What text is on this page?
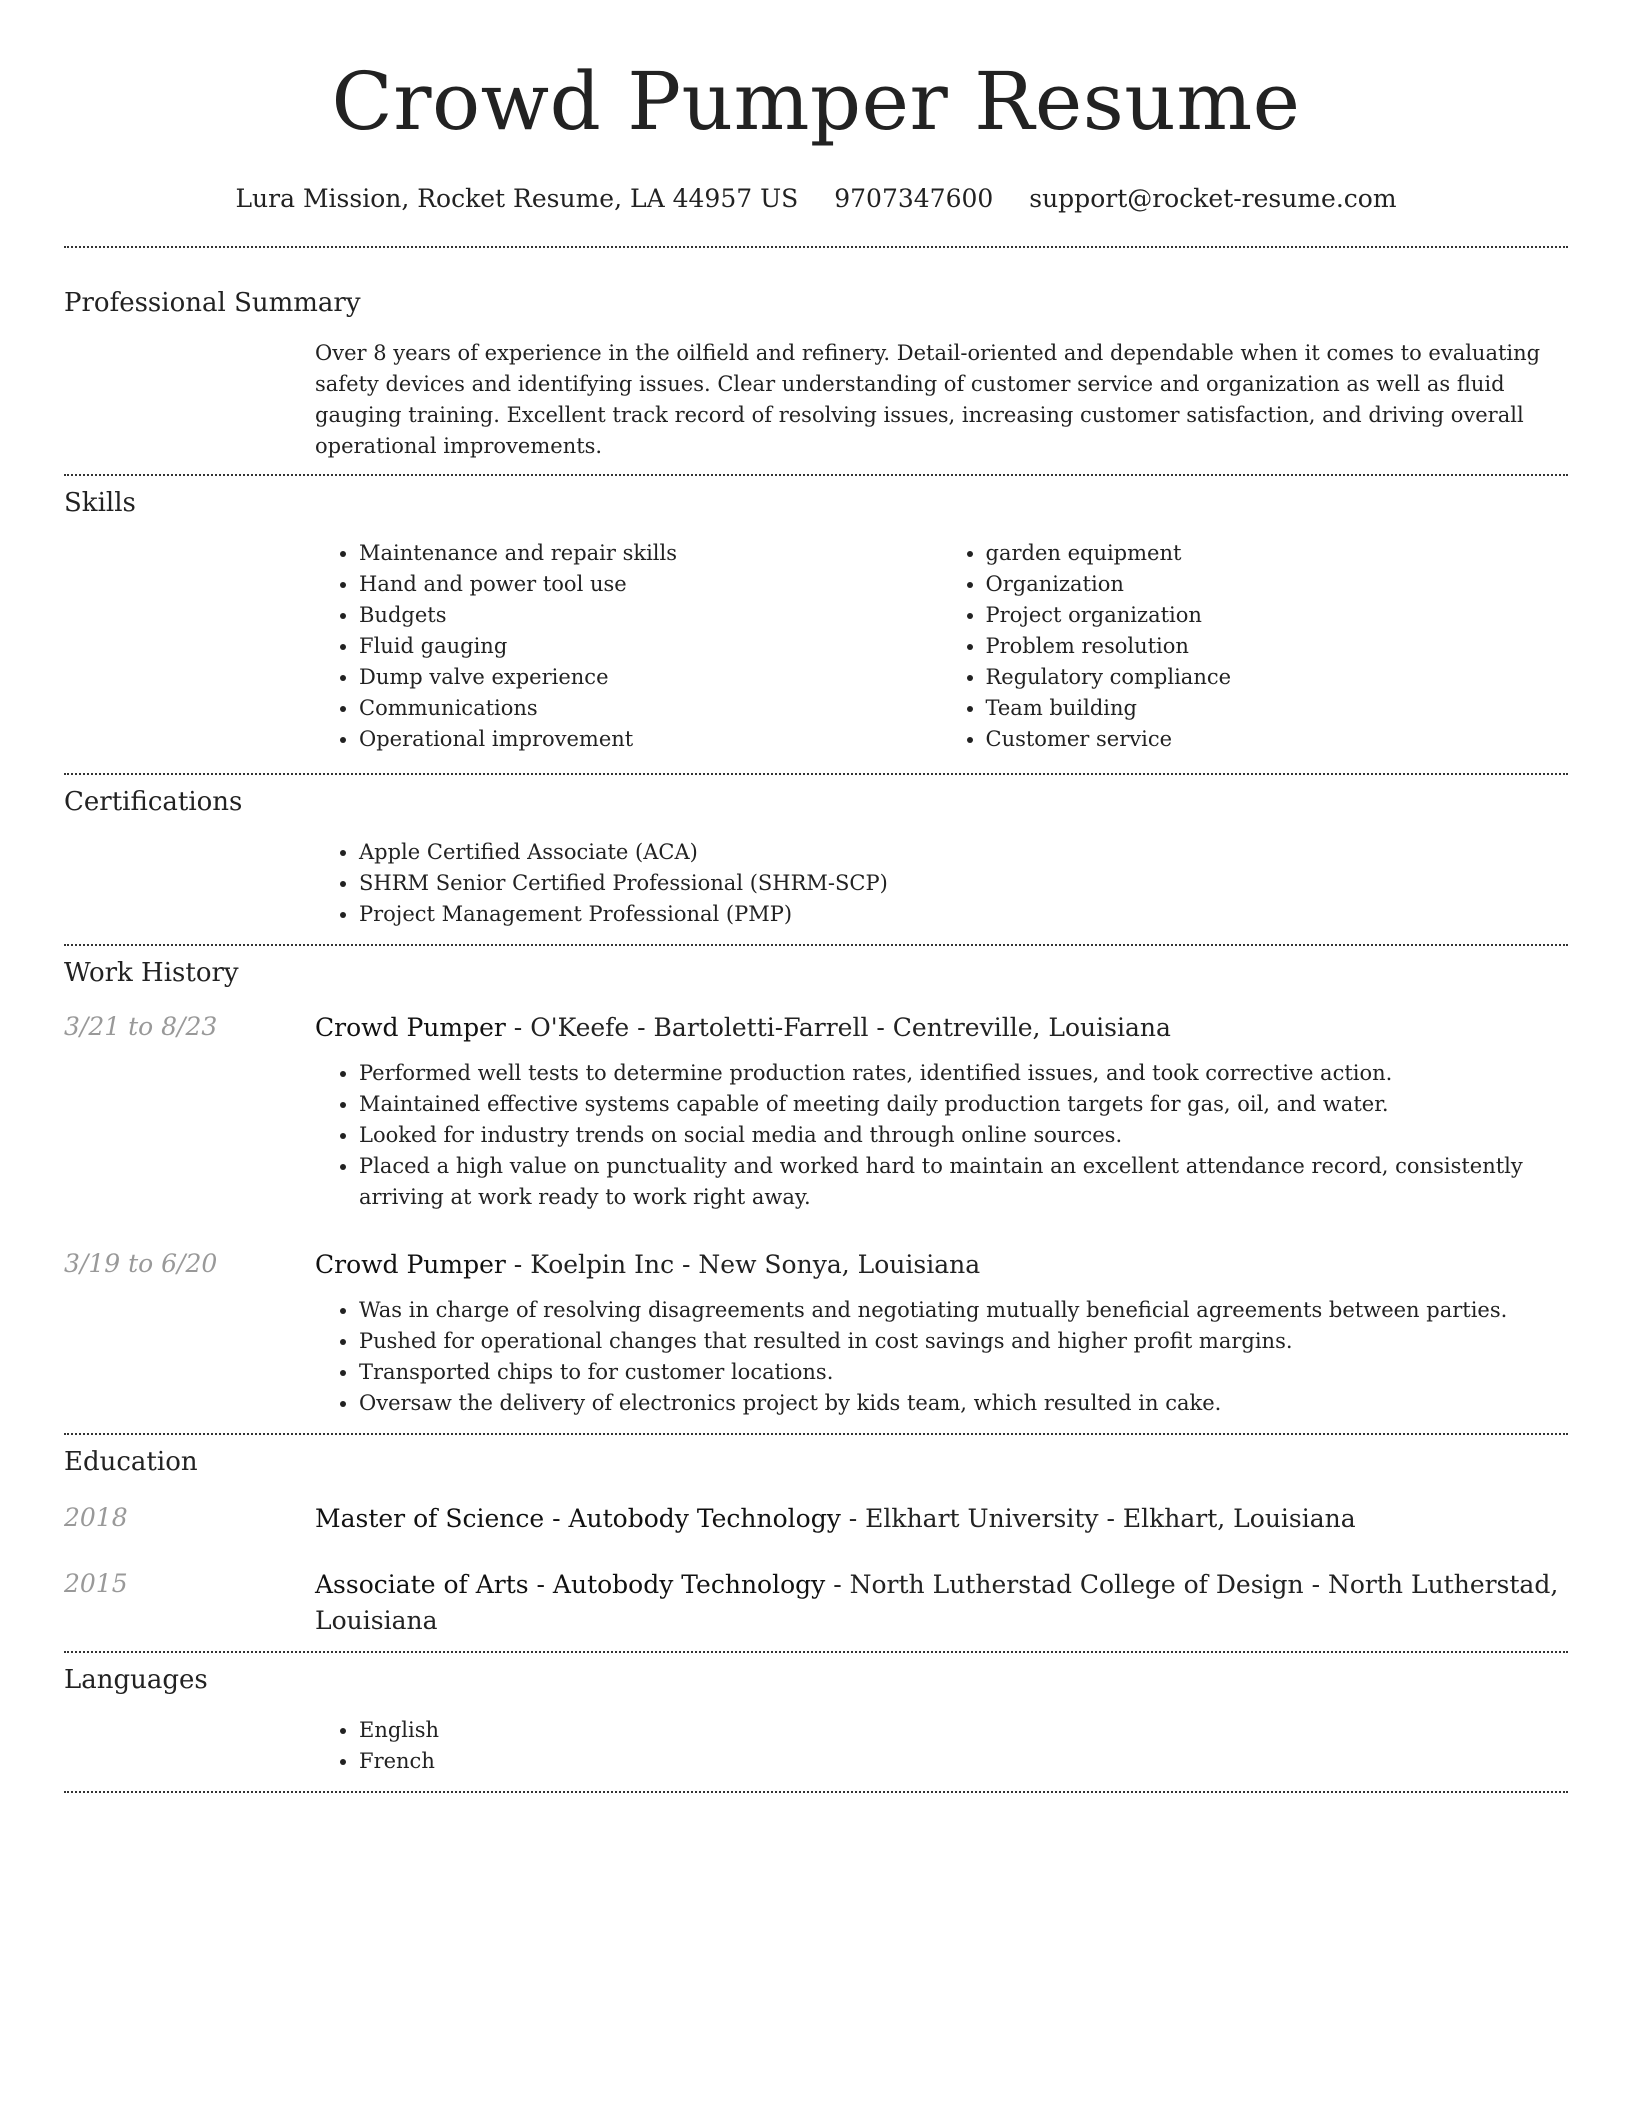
Crowd Pumper Resume
Lura Mission, Rocket Resume, LA 44957 US 9707347600 support@rocket-resume.com
Professional Summary

Over 8 years of experience in the oilfield and refinery. Detail-oriented and dependable when it comes to evaluating safety devices and identifying issues. Clear understanding of customer service and organization as well as fluid gauging training. Excellent track record of resolving issues, increasing customer satisfaction, and driving overall operational improvements.

Skills
• Maintenance and repair skills
• Hand and power tool use
• Budgets
• Fluid gauging
• Dump valve experience
• Communications
• Operational improvement
• garden equipment
• Organization
• Project organization
• Problem resolution
• Regulatory compliance
• Team building
• Customer service
Certifications
• Apple Certified Associate (ACA)
• SHRM Senior Certified Professional (SHRM-SCP)
• Project Management Professional (PMP)
Work History
3/21 to 8/23	Crowd Pumper - O'Keefe - Bartoletti-Farrell - Centreville, Louisiana
• Performed well tests to determine production rates, identified issues, and took corrective action.
• Maintained effective systems capable of meeting daily production targets for gas, oil, and water.
• Looked for industry trends on social media and through online sources.
• Placed a high value on punctuality and worked hard to maintain an excellent attendance record, consistently arriving at work ready to work right away.
3/19 to 6/20	Crowd Pumper - Koelpin Inc - New Sonya, Louisiana
• Was in charge of resolving disagreements and negotiating mutually beneficial agreements between parties.
• Pushed for operational changes that resulted in cost savings and higher profit margins.
• Transported chips to for customer locations.
• Oversaw the delivery of electronics project by kids team, which resulted in cake.
Education
2018	Master of Science - Autobody Technology - Elkhart University - Elkhart, Louisiana
2015	Associate of Arts - Autobody Technology - North Lutherstad College of Design - North Lutherstad, Louisiana
Languages
• English
• French
